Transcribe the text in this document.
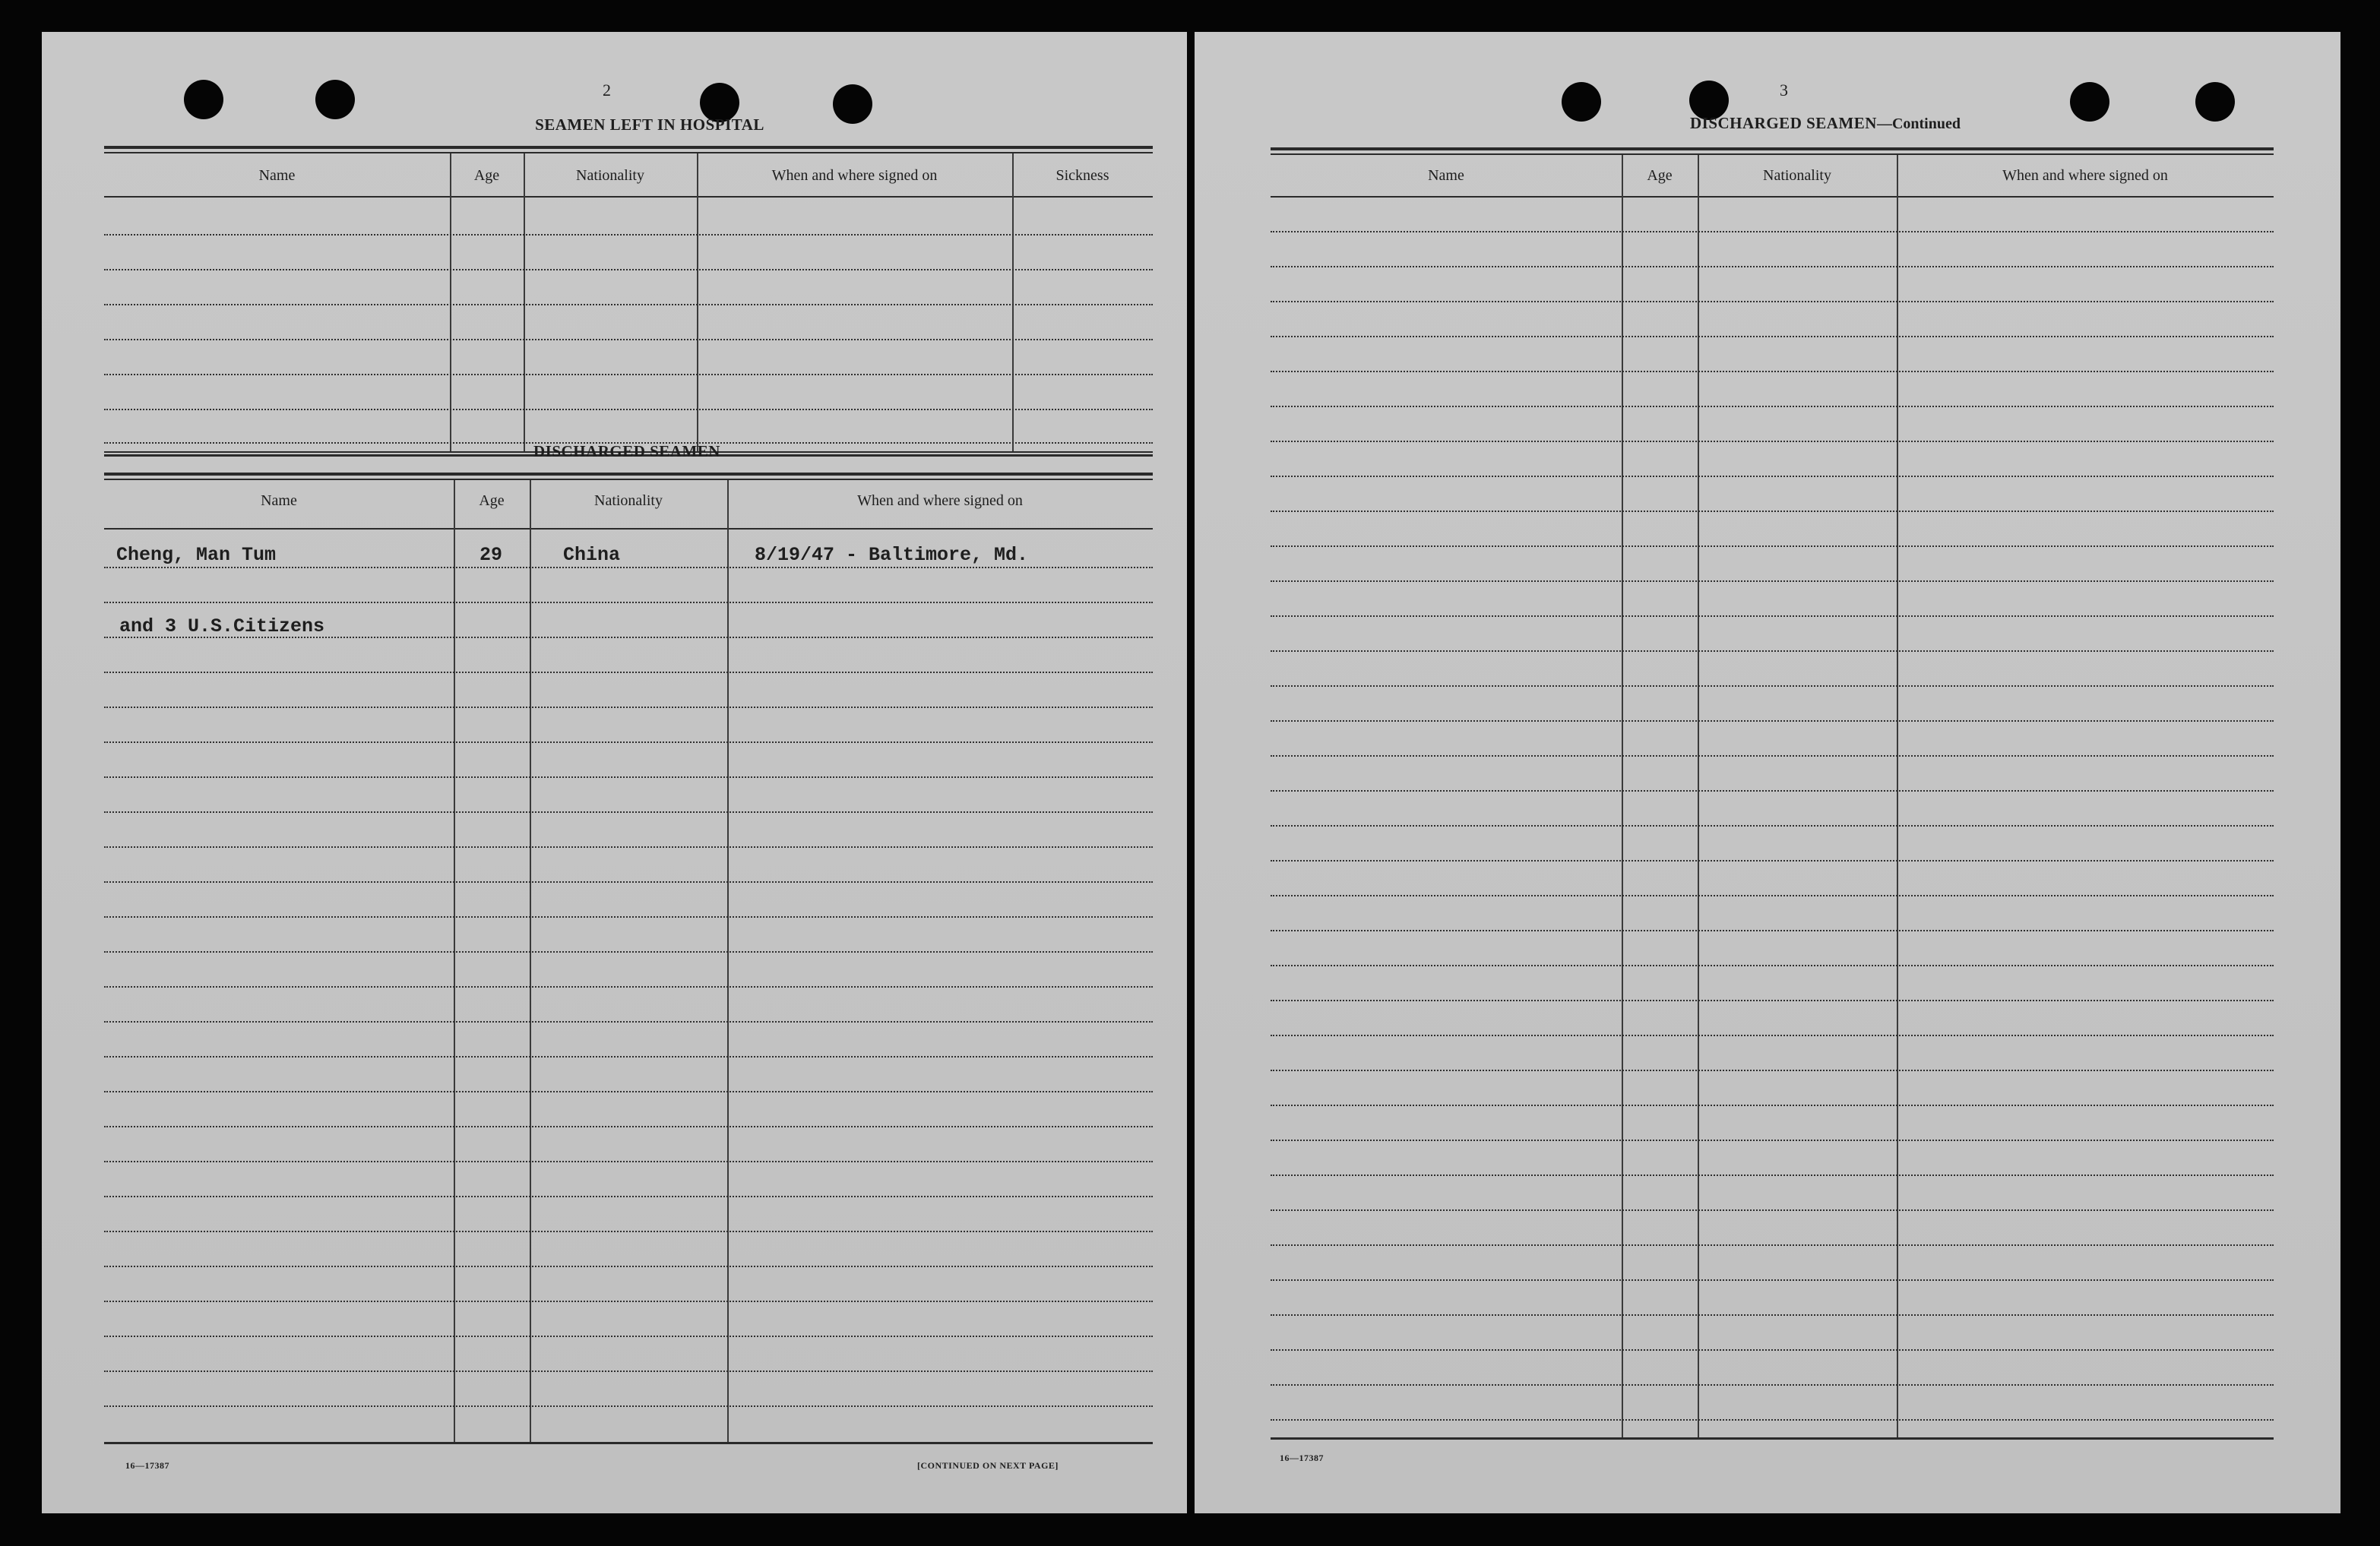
2
SEAMEN LEFT IN HOSPITAL
Name	Age	Nationality	When and where signed on	Sickness
DISCHARGED SEAMEN
Name	Age	Nationality	When and where signed on
Cheng, Man Tum	29	China	8/19/47 - Baltimore, Md.
and 3 U.S.Citizens
16—17387	[CONTINUED ON NEXT PAGE]
3
DISCHARGED SEAMEN—Continued
Name	Age	Nationality	When and where signed on
16—17387
